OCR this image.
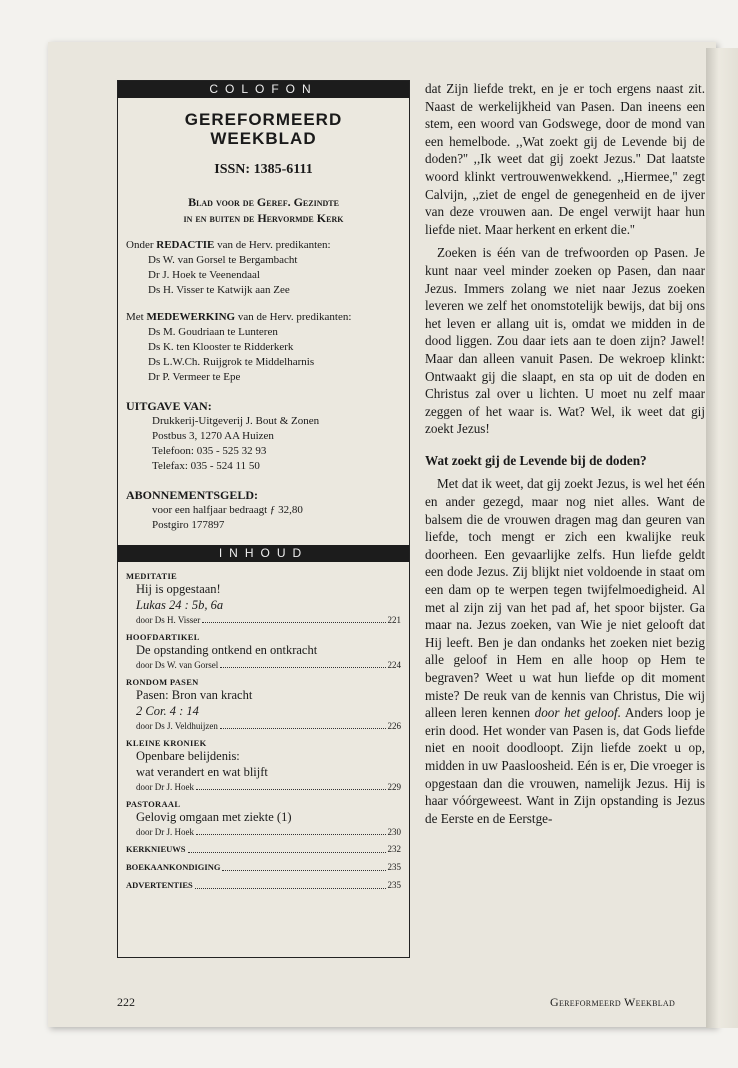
COLOFON
GEREFORMEERD
WEEKBLAD
ISSN: 1385-6111
Blad voor de Geref. Gezindte
in en buiten de Hervormde Kerk
Onder REDACTIE van de Herv. predikanten:
Ds W. van Gorsel te Bergambacht
Dr J. Hoek te Veenendaal
Ds H. Visser te Katwijk aan Zee
Met MEDEWERKING van de Herv. predikanten:
Ds M. Goudriaan te Lunteren
Ds K. ten Klooster te Ridderkerk
Ds L.W.Ch. Ruijgrok te Middelharnis
Dr P. Vermeer te Epe
UITGAVE VAN:
Drukkerij-Uitgeverij J. Bout & Zonen
Postbus 3, 1270 AA Huizen
Telefoon: 035 - 525 32 93
Telefax: 035 - 524 11 50
ABONNEMENTSGELD:
voor een halfjaar bedraagt ƒ 32,80
Postgiro 177897
INHOUD
MEDITATIE
Hij is opgestaan!
Lukas 24 : 5b, 6a
door Ds H. Visser	221
HOOFDARTIKEL
De opstanding ontkend en ontkracht
door Ds W. van Gorsel	224
RONDOM PASEN
Pasen: Bron van kracht
2 Cor. 4 : 14
door Ds J. Veldhuijzen	226
KLEINE KRONIEK
Openbare belijdenis:
wat verandert en wat blijft
door Dr J. Hoek	229
PASTORAAL
Gelovig omgaan met ziekte (1)
door Dr J. Hoek	230
KERKNIEUWS	232
BOEKAANKONDIGING	235
ADVERTENTIES	235

dat Zijn liefde trekt, en je er toch ergens naast zit. Naast de werkelijkheid van Pasen. Dan ineens een stem, een woord van Godswege, door de mond van een hemelbode. ,,Wat zoekt gij de Levende bij de doden?'' ,,Ik weet dat gij zoekt Jezus.'' Dat laatste woord klinkt vertrouwenwekkend. ,,Hiermee,'' zegt Calvijn, ,,ziet de engel de genegenheid en de ijver van deze vrouwen aan. De engel verwijt haar hun liefde niet. Maar herkent en erkent die.''

Zoeken is één van de trefwoorden op Pasen. Je kunt naar veel minder zoeken op Pasen, dan naar Jezus. Immers zolang we niet naar Jezus zoeken leveren we zelf het onomstotelijk bewijs, dat bij ons het leven er allang uit is, omdat we midden in de dood liggen. Zou daar iets aan te doen zijn? Jawel! Maar dan alleen vanuit Pasen. De wekroep klinkt: Ontwaakt gij die slaapt, en sta op uit de doden en Christus zal over u lichten. U moet nu zelf maar zeggen of het waar is. Wat? Wel, ik weet dat gij zoekt Jezus!

Wat zoekt gij de Levende bij de doden?

Met dat ik weet, dat gij zoekt Jezus, is wel het één en ander gezegd, maar nog niet alles. Want de balsem die de vrouwen dragen mag dan geuren van liefde, toch mengt er zich een kwalijke reuk doorheen. Een gevaarlijke zelfs. Hun liefde geldt een dode Jezus. Zij blijkt niet voldoende in staat om een dam op te werpen tegen twijfelmoedigheid. Al met al zijn zij van het pad af, het spoor bijster. Ga maar na. Jezus zoeken, van Wie je niet gelooft dat Hij leeft. Ben je dan ondanks het zoeken niet bezig alle geloof in Hem en alle hoop op Hem te begraven? Weet u wat hun liefde op dit moment miste? De reuk van de kennis van Christus, Die wij alleen leren kennen door het geloof. Anders loop je erin dood. Het wonder van Pasen is, dat Gods liefde niet en nooit doodloopt. Zijn liefde zoekt u op, midden in uw Paasloosheid. Eén is er, Die vroeger is opgestaan dan die vrouwen, namelijk Jezus. Hij is haar vóórgeweest. Want in Zijn opstanding is Jezus de Eerste en de Eerstge-

222	Gereformeerd Weekblad
